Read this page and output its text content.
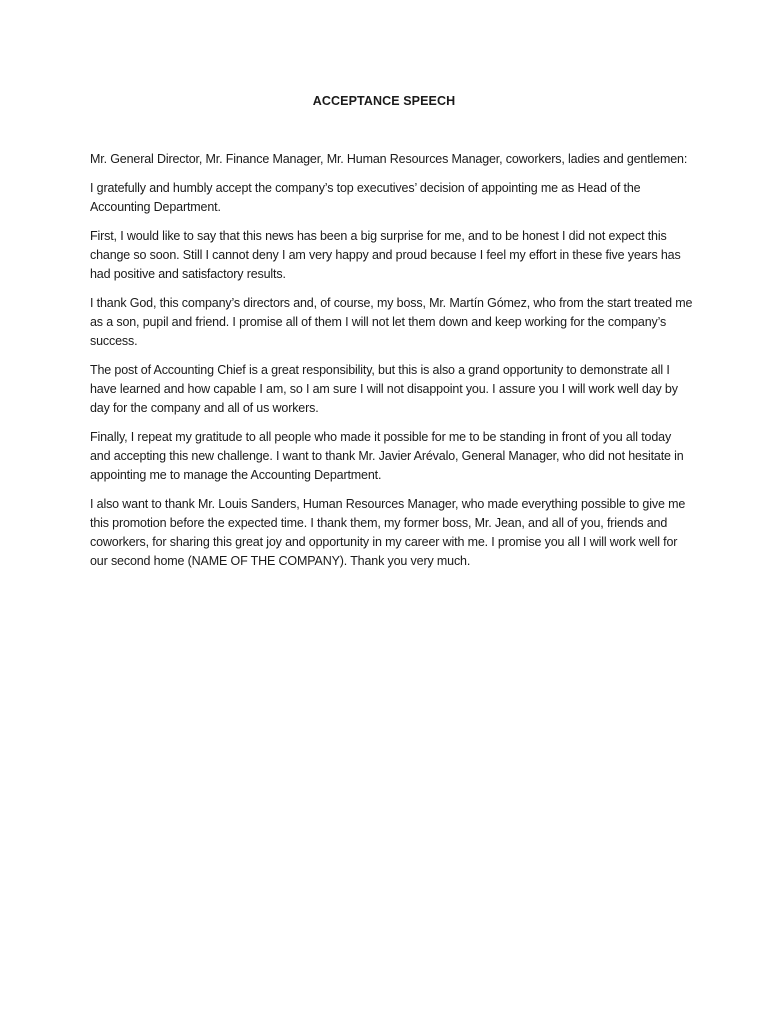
ACCEPTANCE SPEECH

Mr. General Director, Mr. Finance Manager, Mr. Human Resources Manager, coworkers, ladies and gentlemen:

I gratefully and humbly accept the company’s top executives’ decision of appointing me as Head of the Accounting Department.

First, I would like to say that this news has been a big surprise for me, and to be honest I did not expect this change so soon. Still I cannot deny I am very happy and proud because I feel my effort in these five years has had positive and satisfactory results.

I thank God, this company’s directors and, of course, my boss, Mr. Martín Gómez, who from the start treated me as a son, pupil and friend. I promise all of them I will not let them down and keep working for the company’s success.

The post of Accounting Chief is a great responsibility, but this is also a grand opportunity to demonstrate all I have learned and how capable I am, so I am sure I will not disappoint you. I assure you I will work well day by day for the company and all of us workers.

Finally, I repeat my gratitude to all people who made it possible for me to be standing in front of you all today and accepting this new challenge. I want to thank Mr. Javier Arévalo, General Manager, who did not hesitate in appointing me to manage the Accounting Department.

I also want to thank Mr. Louis Sanders, Human Resources Manager, who made everything possible to give me this promotion before the expected time. I thank them, my former boss, Mr. Jean, and all of you, friends and coworkers, for sharing this great joy and opportunity in my career with me. I promise you all I will work well for our second home (NAME OF THE COMPANY). Thank you very much.
